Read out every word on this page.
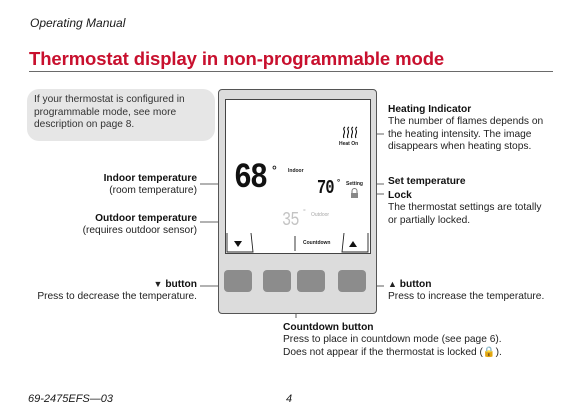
Operating Manual
Thermostat display in non-programmable mode
If your thermostat is configured in programmable mode, see more description on page 8.
Heat On
68 ° Indoor
70 ° Setting
35 ° Outdoor
Countdown
Heating Indicator
The number of flames depends on
the heating intensity. The image
disappears when heating stops.
Set temperature
Lock
The thermostat settings are totally
or partially locked.
▲ button
Press to increase the temperature.
Indoor temperature
(room temperature)
Outdoor temperature
(requires outdoor sensor)
▼ button
Press to decrease the temperature.
Countdown button
Press to place in countdown mode (see page 6).
Does not appear if the thermostat is locked (🔒).
69-2475EFS—03	4
